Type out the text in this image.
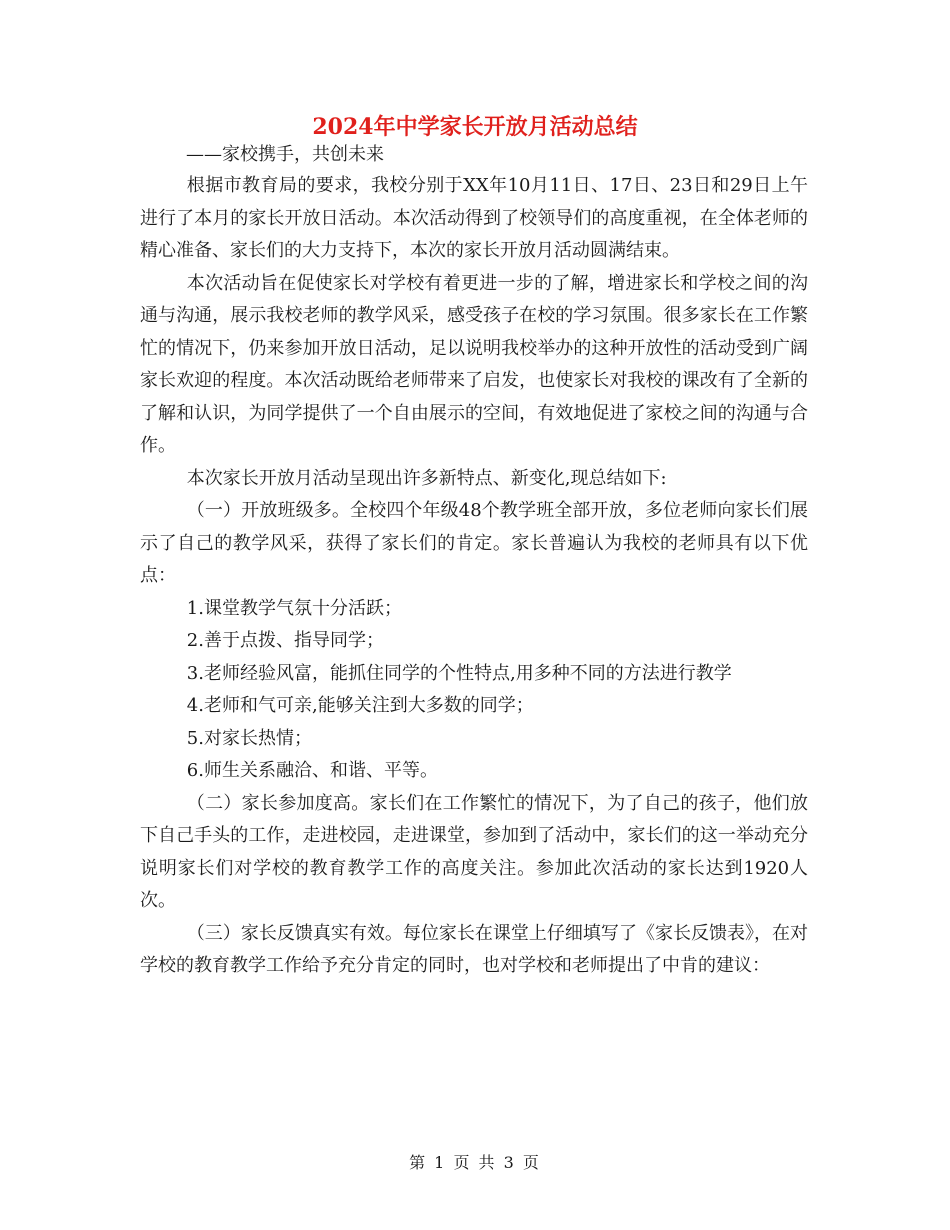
2024年中学家长开放月活动总结
——家校携手，共创未来

根据市教育局的要求，我校分别于XX年10月11日、17日、23日和29日上午进行了本月的家长开放日活动。本次活动得到了校领导们的高度重视，在全体老师的精心准备、家长们的大力支持下，本次的家长开放月活动圆满结束。

本次活动旨在促使家长对学校有着更进一步的了解，增进家长和学校之间的沟通与沟通，展示我校老师的教学风采，感受孩子在校的学习氛围。很多家长在工作繁忙的情况下，仍来参加开放日活动，足以说明我校举办的这种开放性的活动受到广阔家长欢迎的程度。本次活动既给老师带来了启发，也使家长对我校的课改有了全新的了解和认识，为同学提供了一个自由展示的空间，有效地促进了家校之间的沟通与合作。

本次家长开放月活动呈现出许多新特点、新变化,现总结如下:

（一）开放班级多。全校四个年级48个教学班全部开放，多位老师向家长们展示了自己的教学风采，获得了家长们的肯定。家长普遍认为我校的老师具有以下优点：

1.课堂教学气氛十分活跃；

2.善于点拨、指导同学；

3.老师经验风富，能抓住同学的个性特点,用多种不同的方法进行教学

4.老师和气可亲,能够关注到大多数的同学；

5.对家长热情；

6.师生关系融洽、和谐、平等。

（二）家长参加度高。家长们在工作繁忙的情况下，为了自己的孩子，他们放下自己手头的工作，走进校园，走进课堂，参加到了活动中，家长们的这一举动充分说明家长们对学校的教育教学工作的高度关注。参加此次活动的家长达到1920人次。

（三）家长反馈真实有效。每位家长在课堂上仔细填写了《家长反馈表》，在对学校的教育教学工作给予充分肯定的同时，也对学校和老师提出了中肯的建议：

第 1 页 共 3 页
